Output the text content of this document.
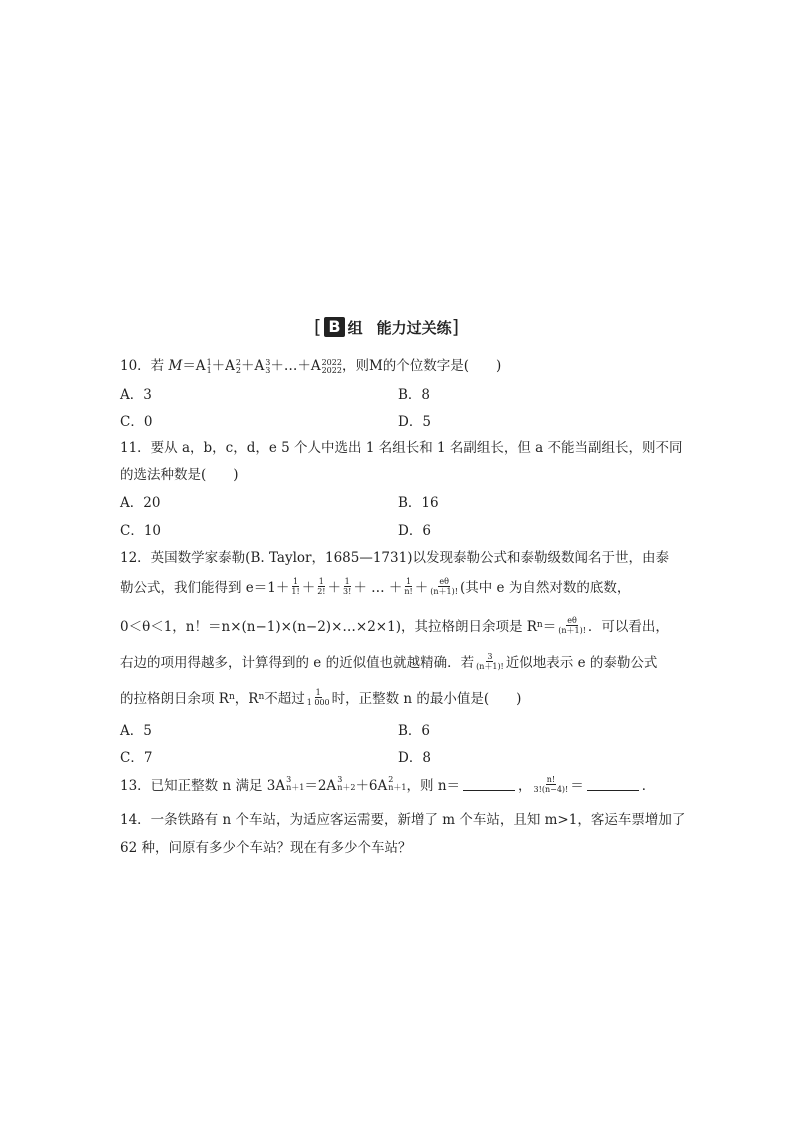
[ B 组 能力过关练 ]
10．若 M＝A 1
1 ＋A 2
2 ＋A 3
3 ＋…＋A 2022
2022 ，则M的个位数字是(　　)
A．3	B．8
C．0	D．5
11．要从 a，b，c，d，e 5 个人中选出 1 名组长和 1 名副组长，但 a 不能当副组长，则不同
的选法种数是(　　)
A．20	B．16
C．10	D．6
12．英国数学家泰勒(B. Taylor，1685—1731)以发现泰勒公式和泰勒级数闻名于世，由泰
勒公式，我们能得到 e＝1＋ 1
1! ＋ 1
2! ＋ 1
3! ＋ … ＋ 1
n! ＋ eθ
(n＋1)! (其中 e 为自然对数的底数，
0＜θ＜1，n！＝n×(n−1)×(n−2)×…×2×1)，其拉格朗日余项是 R n ＝ eθ
(n＋1)! ．可以看出，
右边的项用得越多，计算得到的 e 的近似值也就越精确．若 3
(n＋1)! 近似地表示 e 的泰勒公式
的拉格朗日余项 R n ，R n 不超过 1
1 000 时，正整数 n 的最小值是(　　)
A．5	B．6
C．7	D．8
13．已知正整数 n 满足 3A 3
n＋1 ＝2A 3
n＋2 ＋6A 2
n＋1 ，则 n＝	， n!
3!(n−4)! ＝	．
14．一条铁路有 n 个车站，为适应客运需要，新增了 m 个车站，且知 m>1，客运车票增加了
62 种，问原有多少个车站？现在有多少个车站？
